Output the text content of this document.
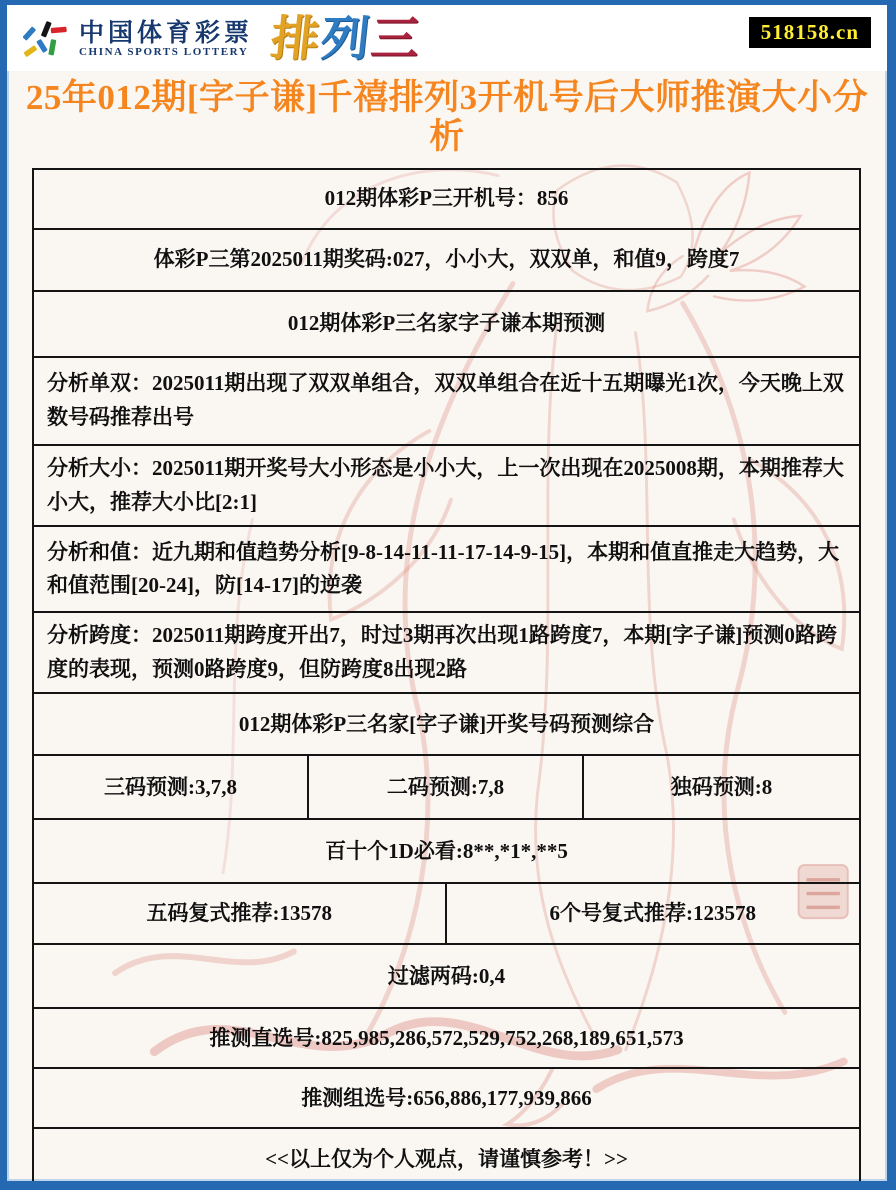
中国体育彩票
CHINA SPORTS LOTTERY 排
列
三	518158.cn
25年012期[字子谦]千禧排列3开机号后大师推演大小分析
012期体彩P三开机号：856
体彩P三第2025011期奖码:027，小小大，双双单，和值9，跨度7
012期体彩P三名家字子谦本期预测
分析单双：2025011期出现了双双单组合，双双单组合在近十五期曝光1次，今天晚上双数号码推荐出号
分析大小：2025011期开奖号大小形态是小小大，上一次出现在2025008期，本期推荐大小大，推荐大小比[2:1]
分析和值：近九期和值趋势分析[9-8-14-11-11-17-14-9-15]，本期和值直推走大趋势，大和值范围[20-24]，防[14-17]的逆袭
分析跨度：2025011期跨度开出7，时过3期再次出现1路跨度7，本期[字子谦]预测0路跨度的表现，预测0路跨度9，但防跨度8出现2路
012期体彩P三名家[字子谦]开奖号码预测综合
三码预测:3,7,8	二码预测:7,8	独码预测:8
百十个1D必看:8**,*1*,**5
五码复式推荐:13578	6个号复式推荐:123578
过滤两码:0,4
推测直选号:825,985,286,572,529,752,268,189,651,573
推测组选号:656,886,177,939,866
<<以上仅为个人观点，请谨慎参考！>>
